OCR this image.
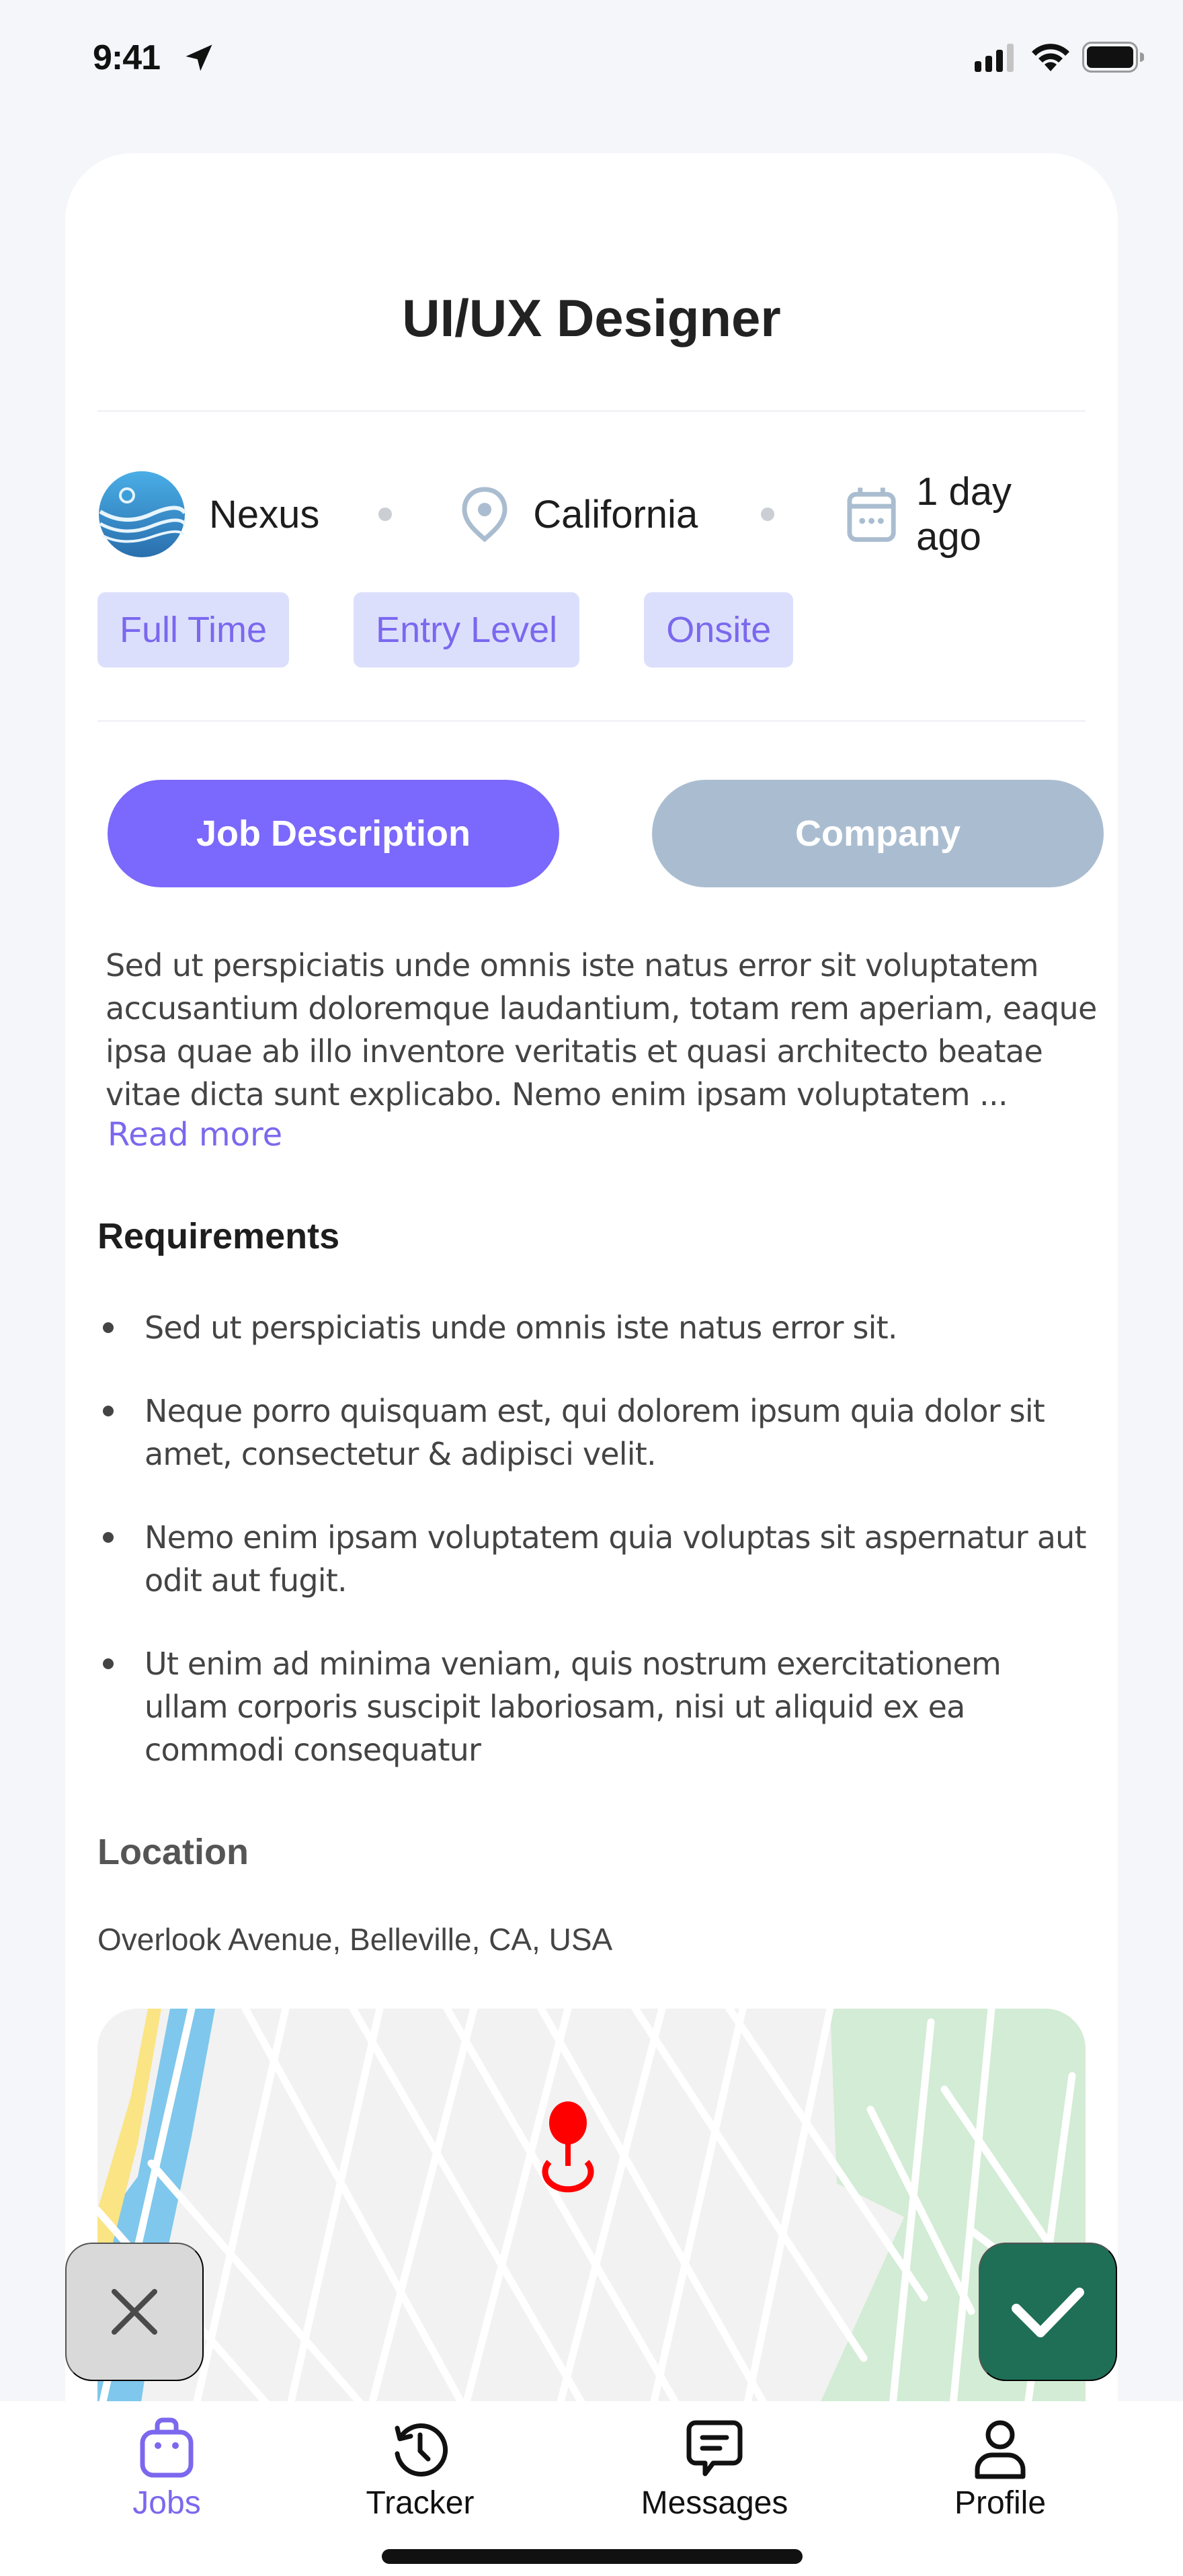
9:41
UI/UX Designer
Nexus	California
1 day ago
Full Time	Entry Level	Onsite
Job Description	Company

Sed ut perspiciatis unde omnis iste natus error sit voluptatem accusantium doloremque laudantium, totam rem aperiam, eaque ipsa quae ab illo inventore veritatis et quasi architecto beatae vitae dicta sunt explicabo. Nemo enim ipsam voluptatem ...

Read more
Requirements
Sed ut perspiciatis unde omnis iste natus error sit.
Neque porro quisquam est, qui dolorem ipsum quia dolor sit amet, consectetur & adipisci velit.
Nemo enim ipsam voluptatem quia voluptas sit aspernatur aut odit aut fugit.
Ut enim ad minima veniam, quis nostrum exercitationem ullam corporis suscipit laboriosam, nisi ut aliquid ex ea commodi consequatur
Location

Overlook Avenue, Belleville, CA, USA

Jobs	Tracker	Messages	Profile
